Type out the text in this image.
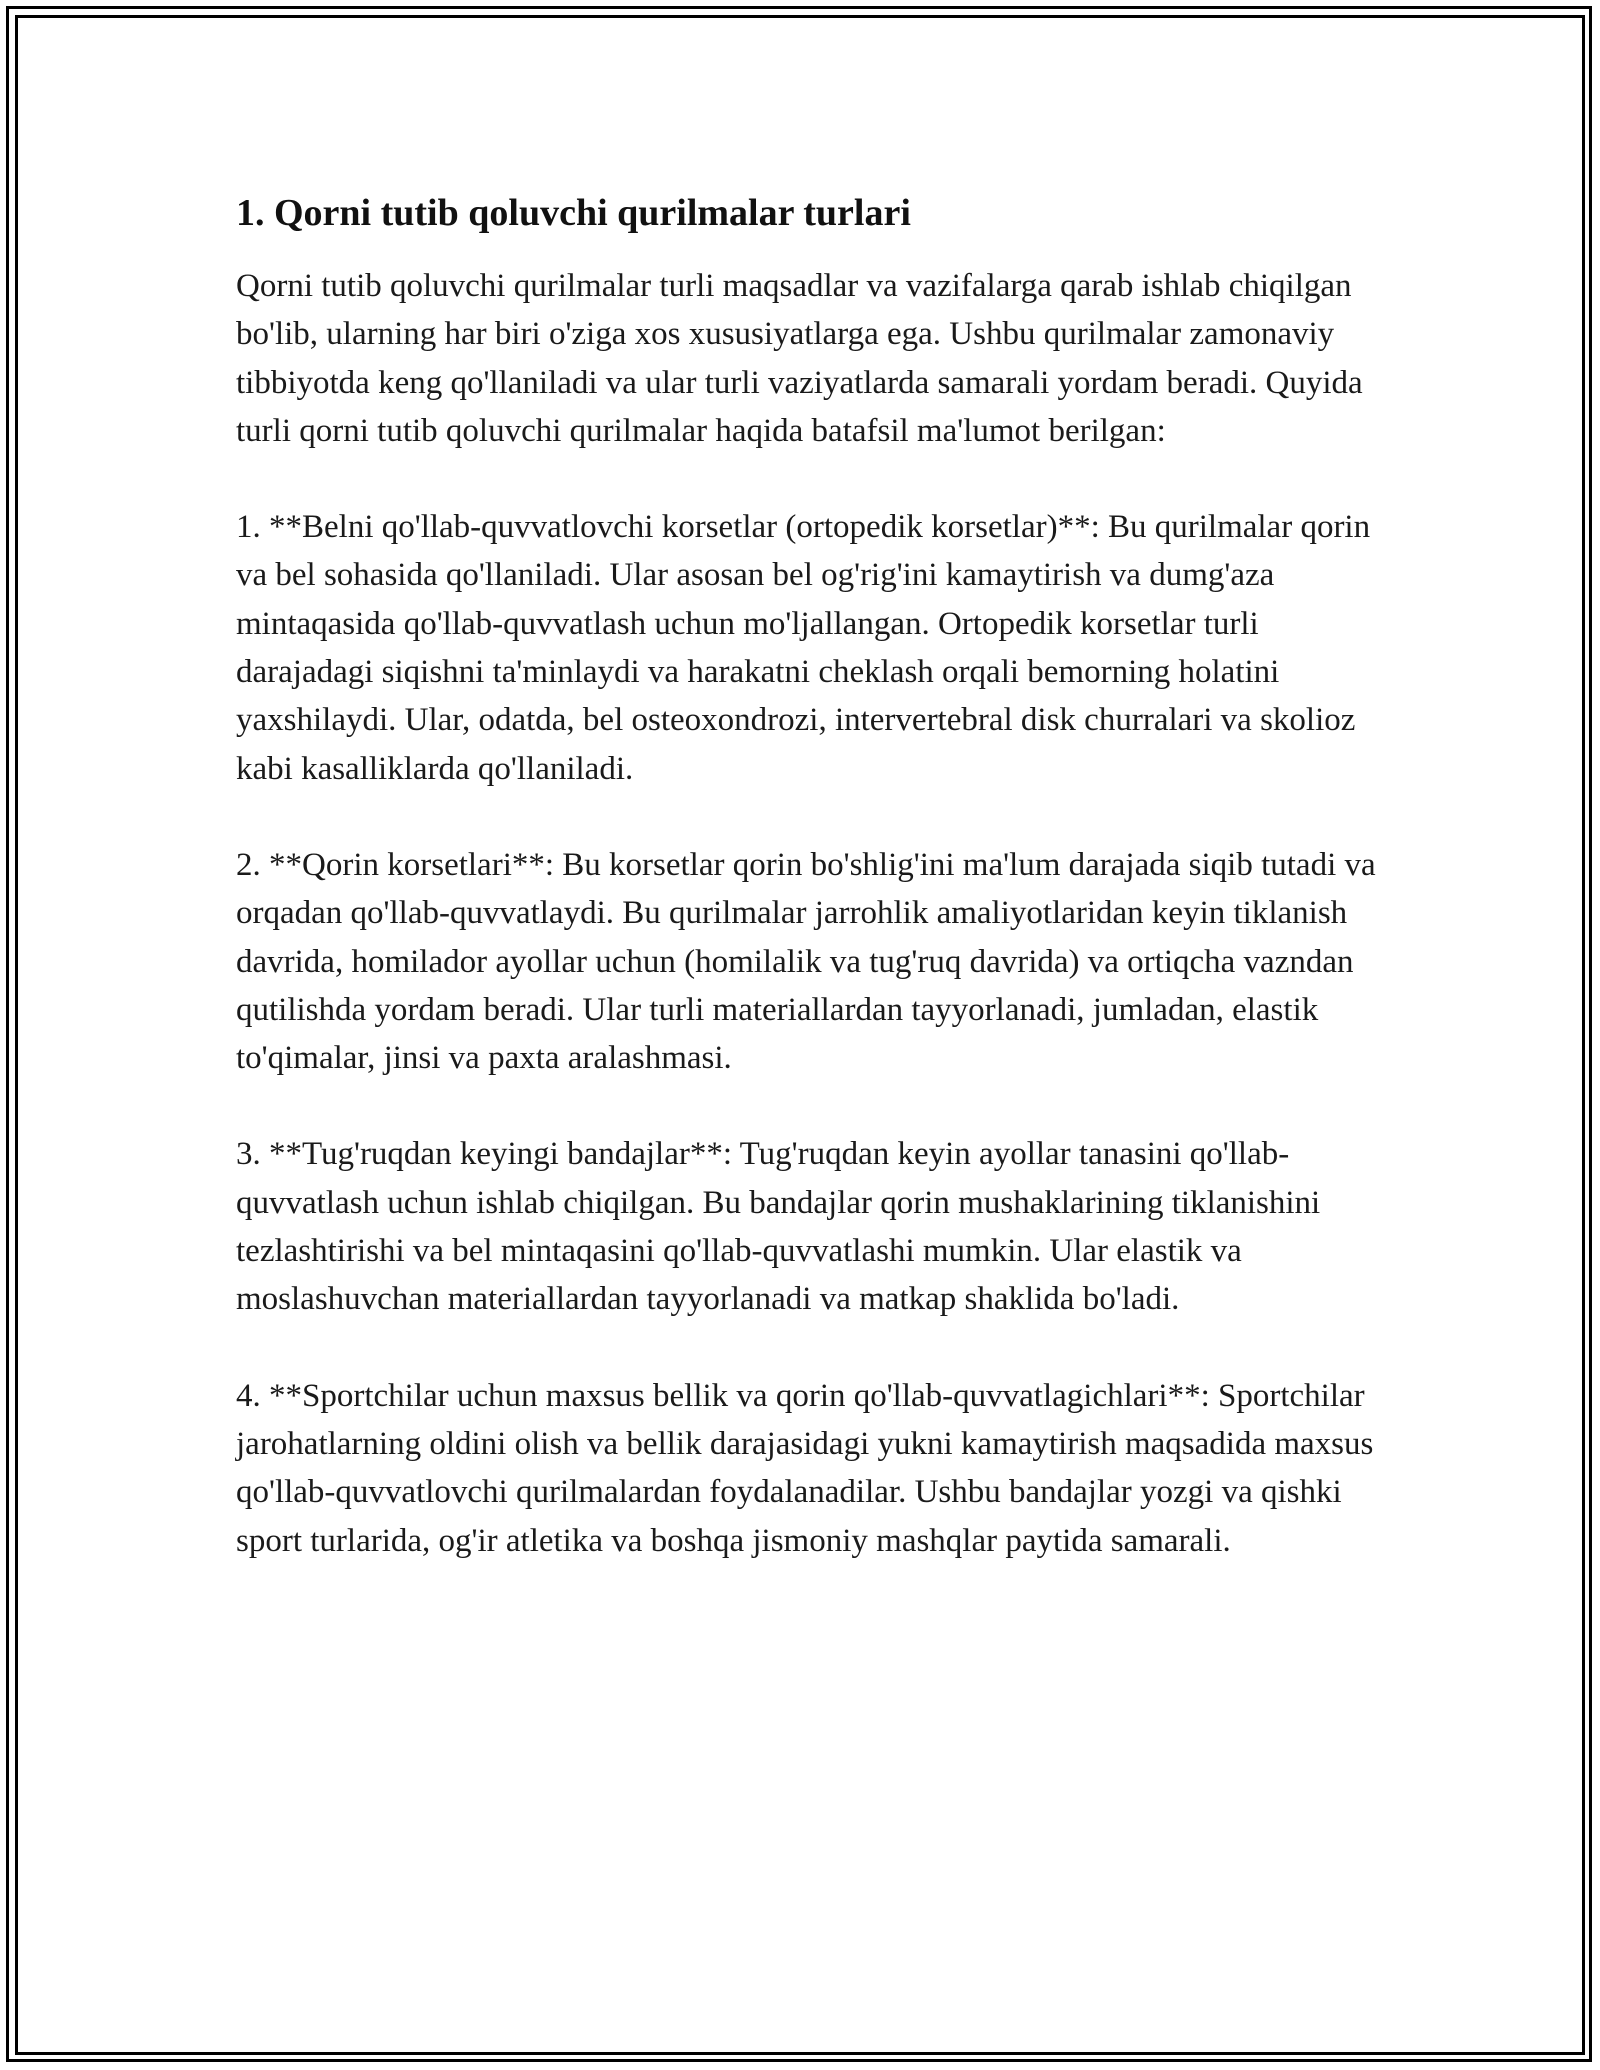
1. Qorni tutib qoluvchi qurilmalar turlari

Qorni tutib qoluvchi qurilmalar turli maqsadlar va vazifalarga qarab ishlab chiqilgan bo'lib, ularning har biri o'ziga xos xususiyatlarga ega. Ushbu qurilmalar zamonaviy tibbiyotda keng qo'llaniladi va ular turli vaziyatlarda samarali yordam beradi. Quyida turli qorni tutib qoluvchi qurilmalar haqida batafsil ma'lumot berilgan:

1. **Belni qo'llab-quvvatlovchi korsetlar (ortopedik korsetlar)**: Bu qurilmalar qorin va bel sohasida qo'llaniladi. Ular asosan bel og'rig'ini kamaytirish va dumg'aza mintaqasida qo'llab-quvvatlash uchun mo'ljallangan. Ortopedik korsetlar turli darajadagi siqishni ta'minlaydi va harakatni cheklash orqali bemorning holatini yaxshilaydi. Ular, odatda, bel osteoxondrozi, intervertebral disk churralari va skolioz kabi kasalliklarda qo'llaniladi.

2. **Qorin korsetlari**: Bu korsetlar qorin bo'shlig'ini ma'lum darajada siqib tutadi va orqadan qo'llab-quvvatlaydi. Bu qurilmalar jarrohlik amaliyotlaridan keyin tiklanish davrida, homilador ayollar uchun (homilalik va tug'ruq davrida) va ortiqcha vazndan qutilishda yordam beradi. Ular turli materiallardan tayyorlanadi, jumladan, elastik to'qimalar, jinsi va paxta aralashmasi.

3. **Tug'ruqdan keyingi bandajlar**: Tug'ruqdan keyin ayollar tanasini qo'llab-quvvatlash uchun ishlab chiqilgan. Bu bandajlar qorin mushaklarining tiklanishini tezlashtirishi va bel mintaqasini qo'llab-quvvatlashi mumkin. Ular elastik va moslashuvchan materiallardan tayyorlanadi va matkap shaklida bo'ladi.

4. **Sportchilar uchun maxsus bellik va qorin qo'llab-quvvatlagichlari**: Sportchilar jarohatlarning oldini olish va bellik darajasidagi yukni kamaytirish maqsadida maxsus qo'llab-quvvatlovchi qurilmalardan foydalanadilar. Ushbu bandajlar yozgi va qishki sport turlarida, og'ir atletika va boshqa jismoniy mashqlar paytida samarali.
